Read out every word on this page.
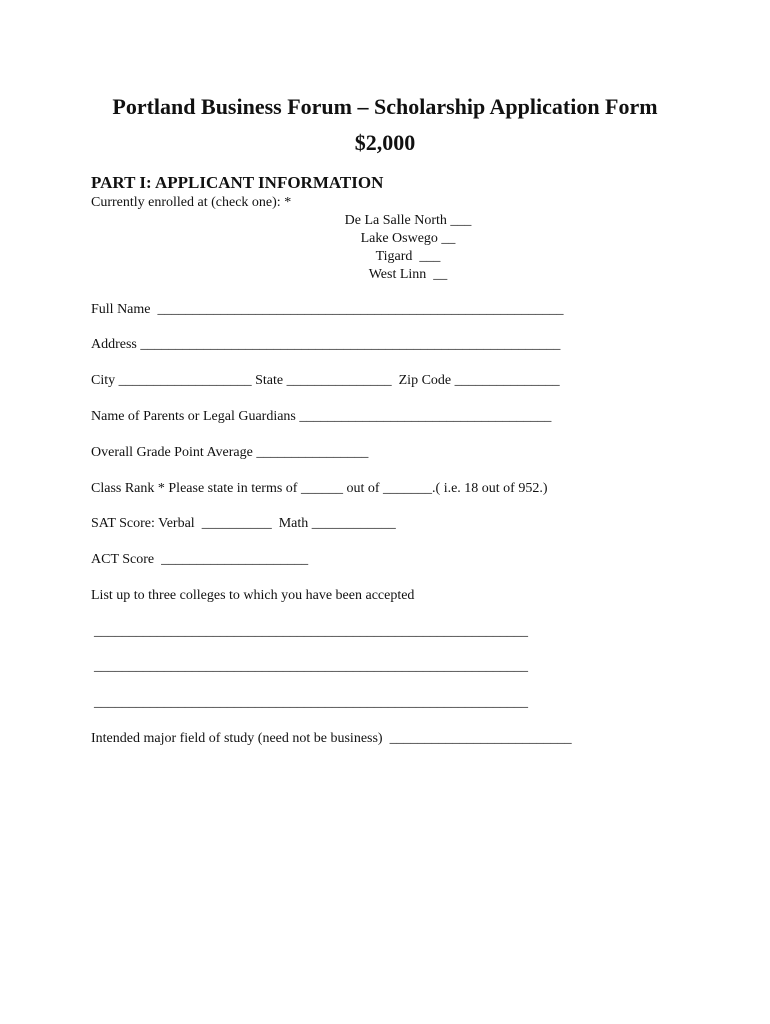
Portland Business Forum – Scholarship Application Form
$2,000
PART I: APPLICANT INFORMATION
Currently enrolled at (check one): *
De La Salle North ___
Lake Oswego __
Tigard  ___
West Linn  __
Full Name __________________________________________________________
Address ____________________________________________________________
City ___________________ State _______________ Zip Code _______________
Name of Parents or Legal Guardians ____________________________________
Overall Grade Point Average ________________
Class Rank * Please state in terms of ______ out of _______.( i.e. 18 out of 952.)
SAT Score: Verbal __________ Math ____________
ACT Score _____________________
List up to three colleges to which you have been accepted
______________________________________________________________
______________________________________________________________
______________________________________________________________
Intended major field of study (need not be business) __________________________
